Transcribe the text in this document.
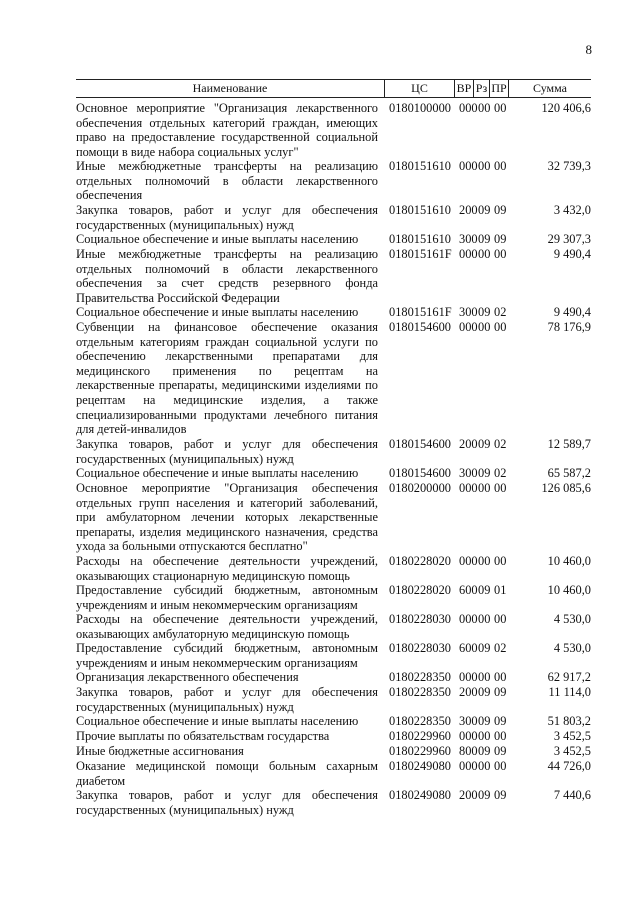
8
Наименование	ЦС	ВР Рз ПР	Сумма
Основное мероприятие "Организация лекарственного обеспечения отдельных категорий граждан, имеющих право на предоставление государственной социальной помощи в виде набора социальных услуг"
0180100000 000 00 00	120 406,6
Иные межбюджетные трансферты на реализацию отдельных полномочий в области лекарственного обеспечения
0180151610 000 00 00	32 739,3
Закупка товаров, работ и услуг для обеспечения государственных (муниципальных) нужд
0180151610 200 09 09	3 432,0
Социальное обеспечение и иные выплаты населению	0180151610 300 09 09	29 307,3
Иные межбюджетные трансферты на реализацию отдельных полномочий в области лекарственного обеспечения за счет средств резервного фонда Правительства Российской Федерации
018015161F 000 00 00	9 490,4
Социальное обеспечение и иные выплаты населению	018015161F 300 09 02	9 490,4
Субвенции на финансовое обеспечение оказания отдельным категориям граждан социальной услуги по обеспечению лекарственными препаратами для медицинского применения по рецептам на лекарственные препараты, медицинскими изделиями по рецептам на медицинские изделия, а также специализированными продуктами лечебного питания для детей-инвалидов
0180154600 000 00 00	78 176,9
Закупка товаров, работ и услуг для обеспечения государственных (муниципальных) нужд
0180154600 200 09 02	12 589,7
Социальное обеспечение и иные выплаты населению	0180154600 300 09 02	65 587,2
Основное мероприятие "Организация обеспечения отдельных групп населения и категорий заболеваний, при амбулаторном лечении которых лекарственные препараты, изделия медицинского назначения, средства ухода за больными отпускаются бесплатно"
0180200000 000 00 00	126 085,6
Расходы на обеспечение деятельности учреждений, оказывающих стационарную медицинскую помощь
0180228020 000 00 00	10 460,0
Предоставление субсидий бюджетным, автономным учреждениям и иным некоммерческим организациям
0180228020 600 09 01	10 460,0
Расходы на обеспечение деятельности учреждений, оказывающих амбулаторную медицинскую помощь
0180228030 000 00 00	4 530,0
Предоставление субсидий бюджетным, автономным учреждениям и иным некоммерческим организациям
0180228030 600 09 02	4 530,0
Организация лекарственного обеспечения	0180228350 000 00 00	62 917,2
Закупка товаров, работ и услуг для обеспечения государственных (муниципальных) нужд
0180228350 200 09 09	11 114,0
Социальное обеспечение и иные выплаты населению	0180228350 300 09 09	51 803,2
Прочие выплаты по обязательствам государства	0180229960 000 00 00	3 452,5
Иные бюджетные ассигнования	0180229960 800 09 09	3 452,5
Оказание медицинской помощи больным сахарным диабетом
0180249080 000 00 00	44 726,0
Закупка товаров, работ и услуг для обеспечения государственных (муниципальных) нужд
0180249080 200 09 09	7 440,6
